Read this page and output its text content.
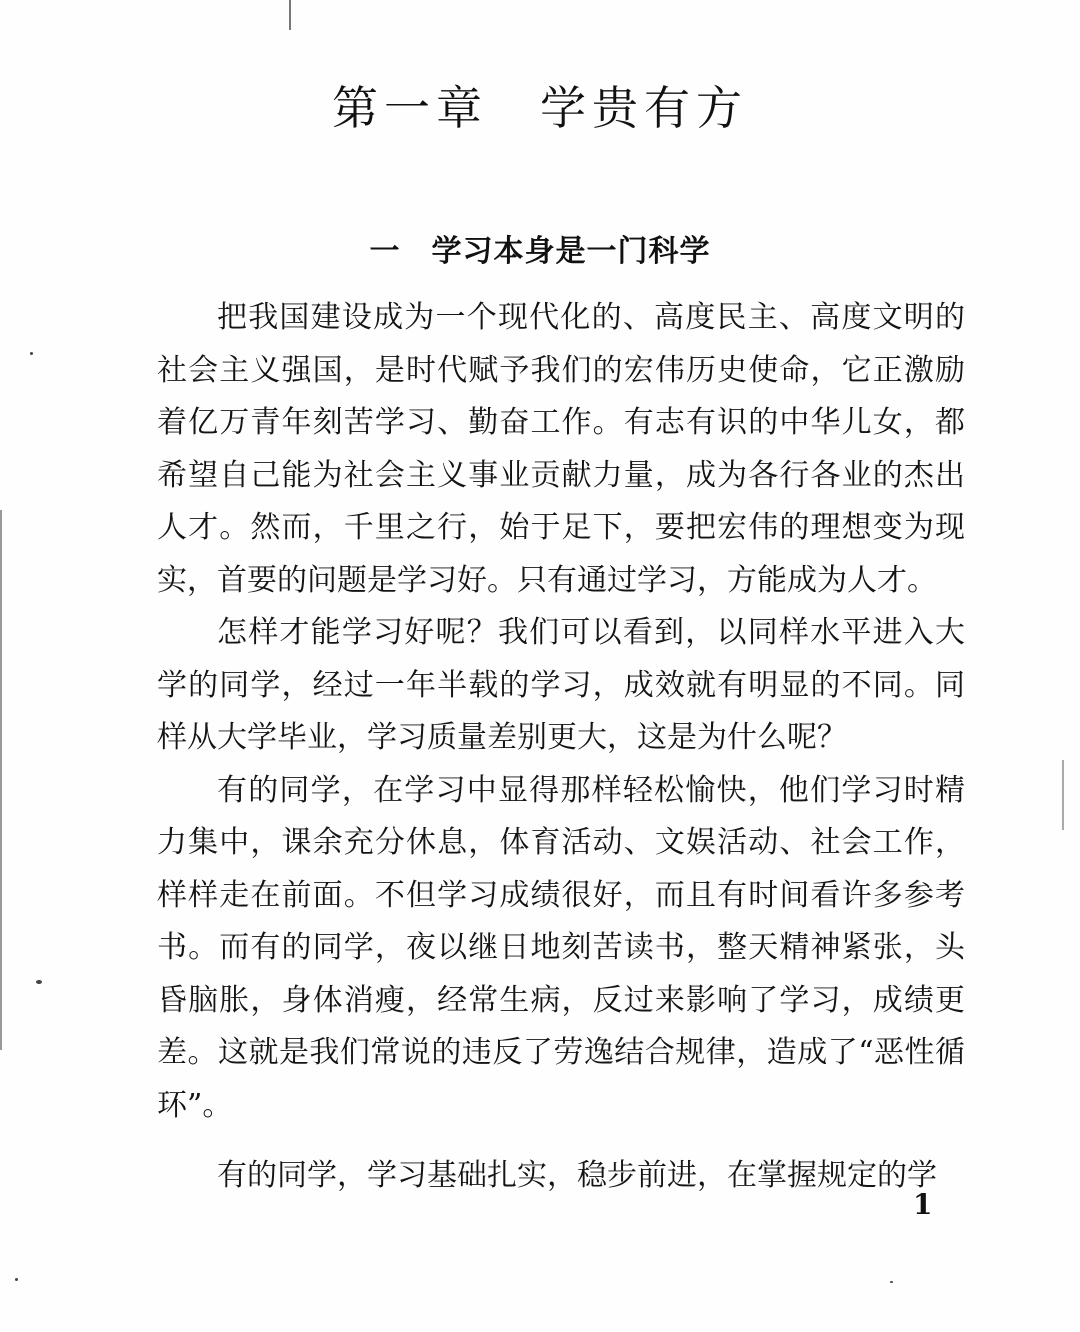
第一章　学贵有方
一　学习本身是一门科学

把我国建设成为一个现代化的、高度民主、高度文明的社会主义强国，是时代赋予我们的宏伟历史使命，它正激励着亿万青年刻苦学习、勤奋工作。有志有识的中华儿女，都希望自己能为社会主义事业贡献力量，成为各行各业的杰出人才。然而，千里之行，始于足下，要把宏伟的理想变为现实，首要的问题是学习好。只有通过学习，方能成为人才。

怎样才能学习好呢？我们可以看到，以同样水平进入大学的同学，经过一年半载的学习，成效就有明显的不同。同样从大学毕业，学习质量差别更大，这是为什么呢？

有的同学，在学习中显得那样轻松愉快，他们学习时精力集中，课余充分休息，体育活动、文娱活动、社会工作，样样走在前面。不但学习成绩很好，而且有时间看许多参考书。而有的同学，夜以继日地刻苦读书，整天精神紧张，头昏脑胀，身体消瘦，经常生病，反过来影响了学习，成绩更差。这就是我们常说的违反了劳逸结合规律，造成了“恶性循环”。

有的同学，学习基础扎实，稳步前进，在掌握规定的学

1
